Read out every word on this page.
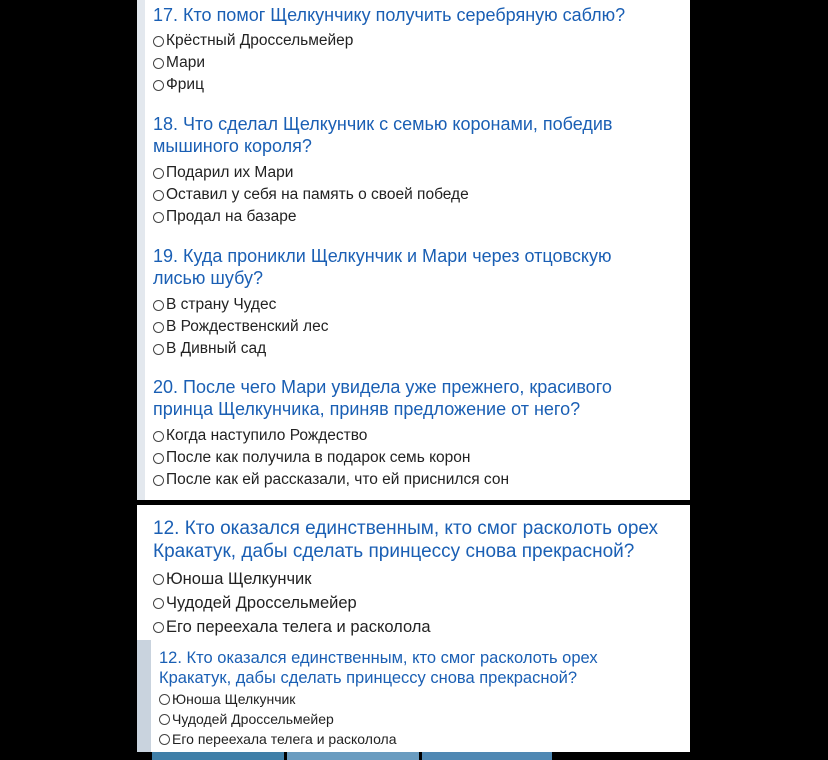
17. Кто помог Щелкунчику получить серебряную саблю?
Крёстный Дроссельмейер
Мари
Фриц
18. Что сделал Щелкунчик с семью коронами, победив
мышиного короля?
Подарил их Мари
Оставил у себя на память о своей победе
Продал на базаре
19. Куда проникли Щелкунчик и Мари через отцовскую
лисью шубу?
В страну Чудес
В Рождественский лес
В Дивный сад
20. После чего Мари увидела уже прежнего, красивого
принца Щелкунчика, приняв предложение от него?
Когда наступило Рождество
После как получила в подарок семь корон
После как ей рассказали, что ей приснился сон
12. Кто оказался единственным, кто смог расколоть орех
Кракатук, дабы сделать принцессу снова прекрасной?
Юноша Щелкунчик
Чудодей Дроссельмейер
Его переехала телега и расколола
12. Кто оказался единственным, кто смог расколоть орех
Кракатук, дабы сделать принцессу снова прекрасной?
Юноша Щелкунчик
Чудодей Дроссельмейер
Его переехала телега и расколола
